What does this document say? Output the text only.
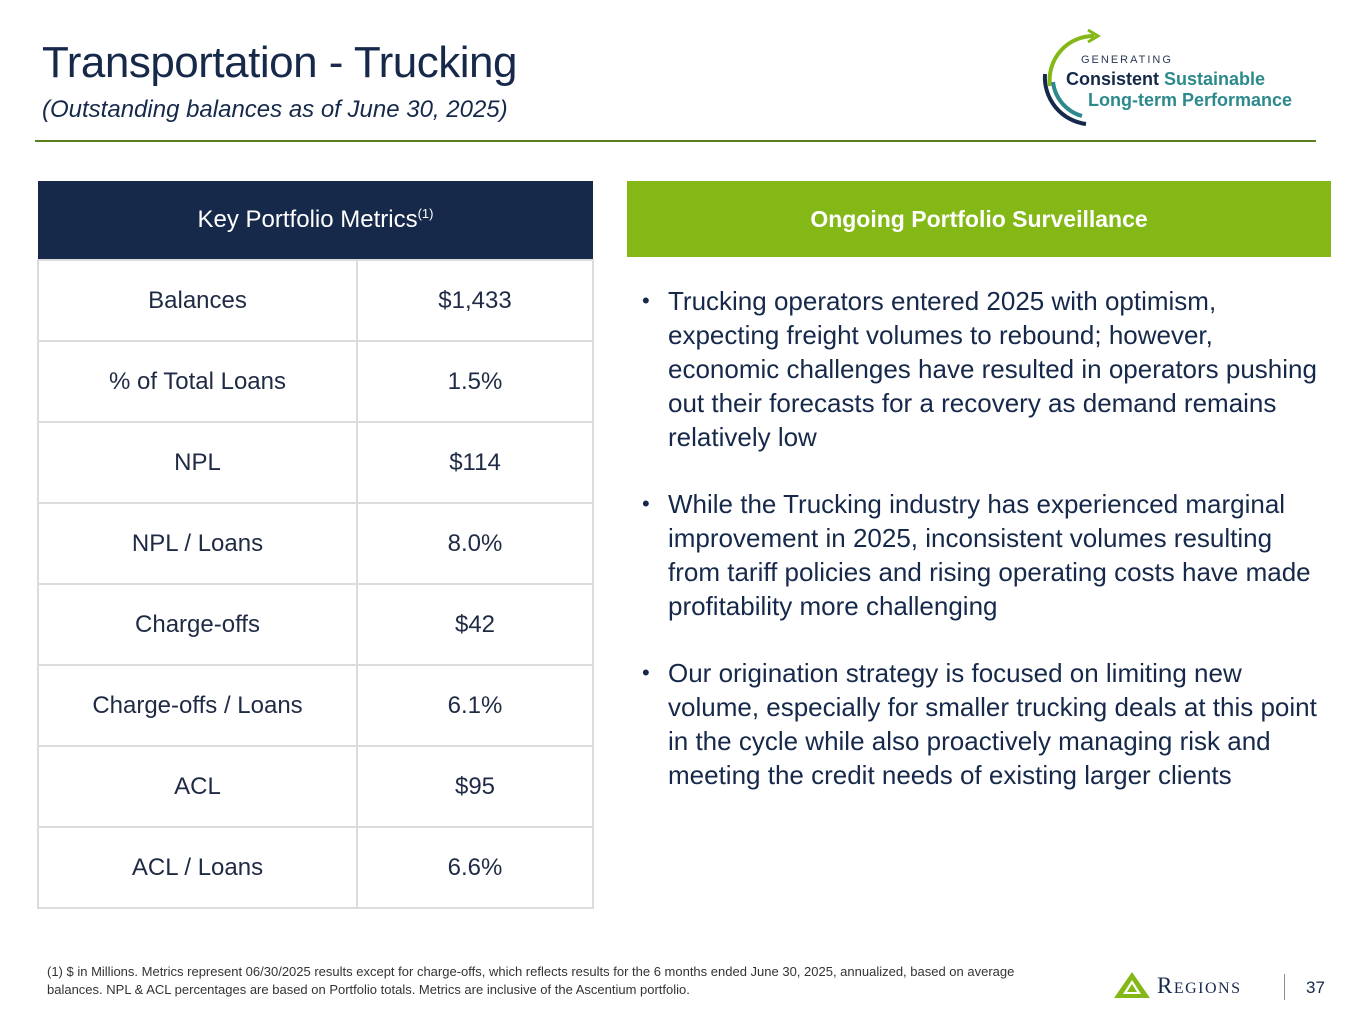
Transportation - Trucking
(Outstanding balances as of June 30, 2025)
GENERATING
Consistent Sustainable
Long-term Performance
Key Portfolio Metrics$^{(1)}$
Balances	$1,433
% of Total Loans	1.5%
NPL	$114
NPL / Loans	8.0%
Charge-offs	$42
Charge-offs / Loans	6.1%
ACL	$95
ACL / Loans	6.6%
Ongoing Portfolio Surveillance
• Trucking operators entered 2025 with optimism, expecting freight volumes to rebound; however, economic challenges have resulted in operators pushing out their forecasts for a recovery as demand remains relatively low
• While the Trucking industry has experienced marginal improvement in 2025, inconsistent volumes resulting from tariff policies and rising operating costs have made profitability more challenging
• Our origination strategy is focused on limiting new volume, especially for smaller trucking deals at this point in the cycle while also proactively managing risk and meeting the credit needs of existing larger clients
(1) $ in Millions. Metrics represent 06/30/2025 results except for charge-offs, which reflects results for the 6 months ended June 30, 2025, annualized, based on average balances. NPL & ACL percentages are based on Portfolio totals. Metrics are inclusive of the Ascentium portfolio.	Regions	37
